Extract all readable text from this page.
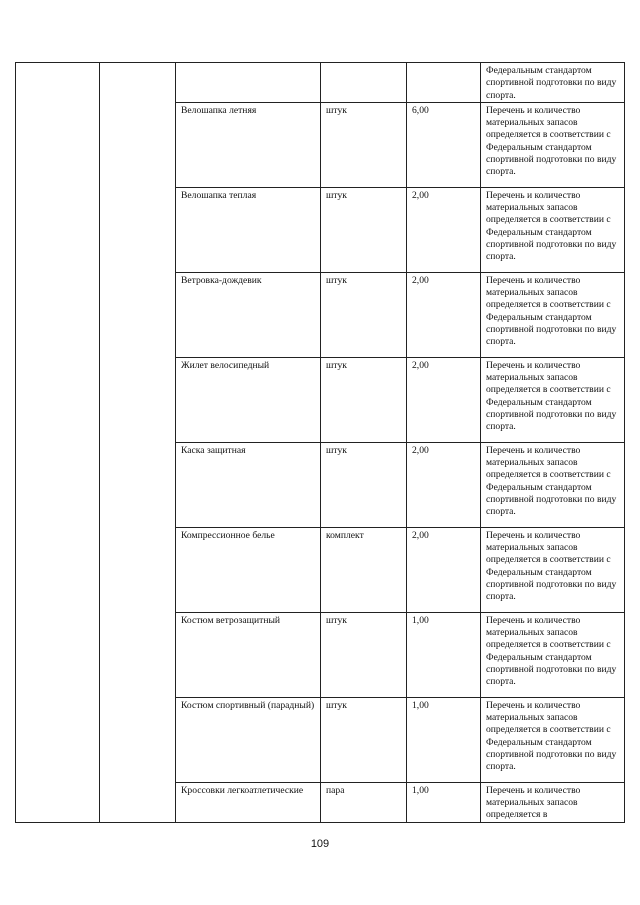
					Федеральным стандартом спортивной подготовки по виду спорта.
		Велошапка летняя	штук	6,00	Перечень и количество материальных запасов определяется в соответствии с Федеральным стандартом спортивной подготовки по виду спорта.
		Велошапка теплая	штук	2,00	Перечень и количество материальных запасов определяется в соответствии с Федеральным стандартом спортивной подготовки по виду спорта.
		Ветровка-дождевик	штук	2,00	Перечень и количество материальных запасов определяется в соответствии с Федеральным стандартом спортивной подготовки по виду спорта.
		Жилет велосипедный	штук	2,00	Перечень и количество материальных запасов определяется в соответствии с Федеральным стандартом спортивной подготовки по виду спорта.
		Каска защитная	штук	2,00	Перечень и количество материальных запасов определяется в соответствии с Федеральным стандартом спортивной подготовки по виду спорта.
		Компрессионное белье	комплект	2,00	Перечень и количество материальных запасов определяется в соответствии с Федеральным стандартом спортивной подготовки по виду спорта.
		Костюм ветрозащитный	штук	1,00	Перечень и количество материальных запасов определяется в соответствии с Федеральным стандартом спортивной подготовки по виду спорта.
		Костюм спортивный (парадный)	штук	1,00	Перечень и количество материальных запасов определяется в соответствии с Федеральным стандартом спортивной подготовки по виду спорта.
		Кроссовки легкоатлетические	пара	1,00	Перечень и количество материальных запасов определяется в
109
